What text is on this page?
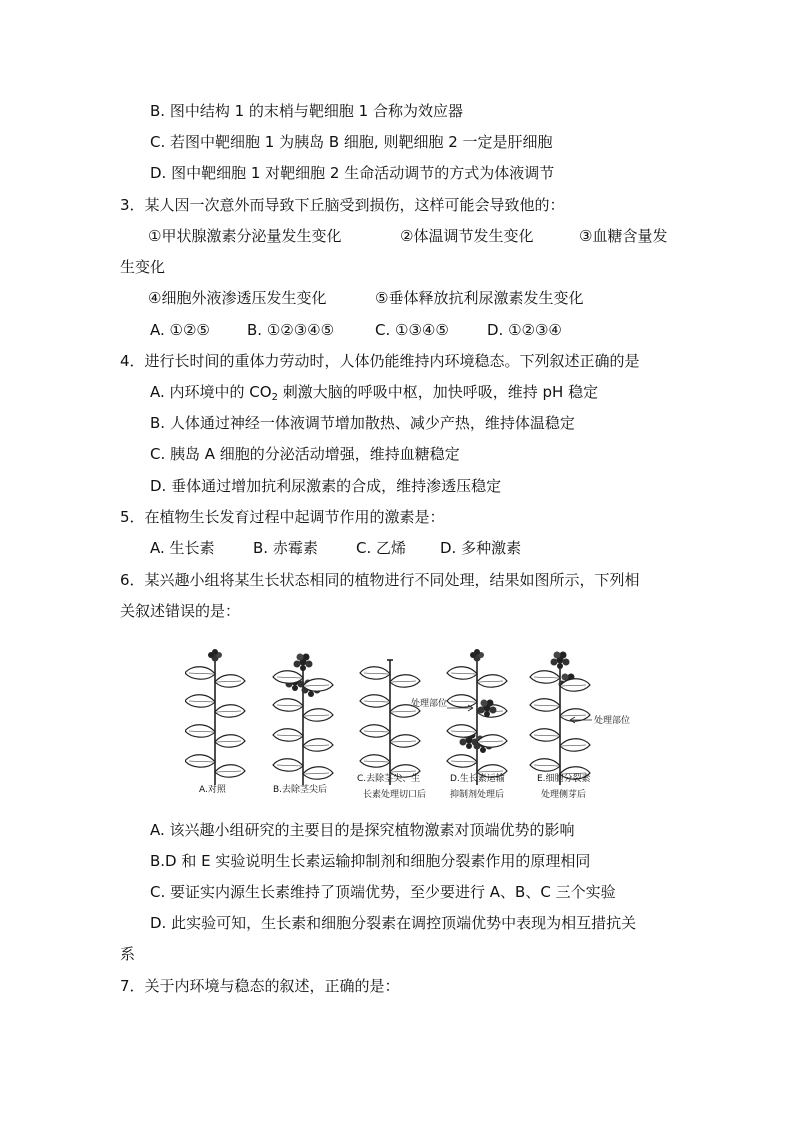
B. 图中结构 1 的末梢与靶细胞 1 合称为效应器
C. 若图中靶细胞 1 为胰岛 B 细胞, 则靶细胞 2 一定是肝细胞
D. 图中靶细胞 1 对靶细胞 2 生命活动调节的方式为体液调节
3．某人因一次意外而导致下丘脑受到损伤，这样可能会导致他的：
①甲状腺激素分泌量发生变化	②体温调节发生变化	③血糖含量发
生变化
④细胞外液渗透压发生变化	⑤垂体释放抗利尿激素发生变化
A. ①②⑤ B. ①②③④⑤	C. ①③④⑤	D. ①②③④
4．进行长时间的重体力劳动时，人体仍能维持内环境稳态。下列叙述正确的是
A. 内环境中的 $CO_2$ 刺激大脑的呼吸中枢，加快呼吸，维持 pH 稳定
B. 人体通过神经一体液调节增加散热、减少产热，维持体温稳定
C. 胰岛 A 细胞的分泌活动增强，维持血糖稳定
D. 垂体通过增加抗利尿激素的合成，维持渗透压稳定
5．在植物生长发育过程中起调节作用的激素是：
A. 生长素	B. 赤霉素	C. 乙烯 D. 多种激素
6．某兴趣小组将某生长状态相同的植物进行不同处理，结果如图所示，下列相
关叙述错误的是：
处理部位
处理部位
A.对照	B.去除茎尖后
C.去除茎尖、生
长素处理切口后
D.生长素运输
抑制剂处理后
E.细胞分裂素
处理侧芽后
A. 该兴趣小组研究的主要目的是探究植物激素对顶端优势的影响
B.D 和 E 实验说明生长素运输抑制剂和细胞分裂素作用的原理相同
C. 要证实内源生长素维持了顶端优势，至少要进行 A、B、C 三个实验
D. 此实验可知，生长素和细胞分裂素在调控顶端优势中表现为相互措抗关
系
7．关于内环境与稳态的叙述，正确的是：
